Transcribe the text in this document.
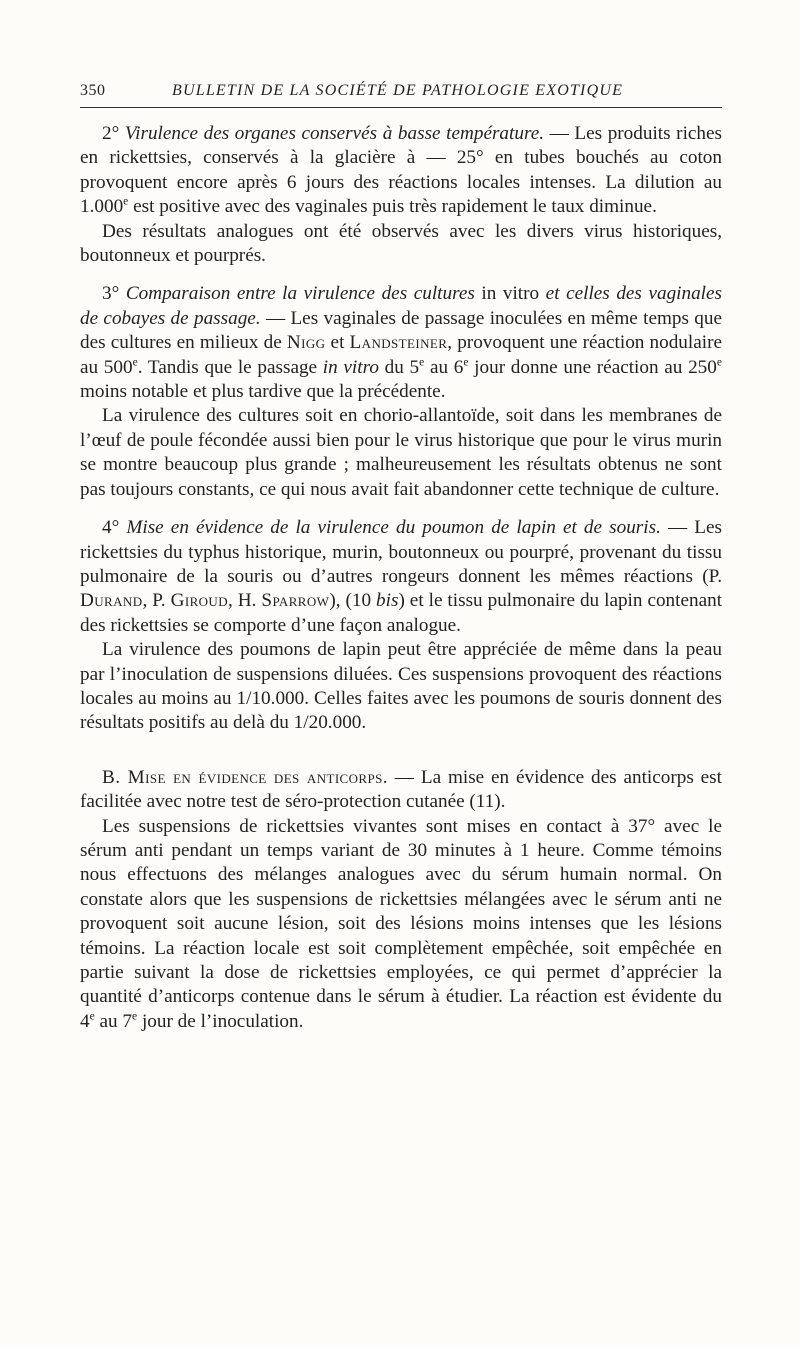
350	BULLETIN DE LA SOCIÉTÉ DE PATHOLOGIE EXOTIQUE

2° Virulence des organes conservés à basse température. — Les produits riches en rickettsies, conservés à la glacière à — 25° en tubes bouchés au coton provoquent encore après 6 jours des réactions locales intenses. La dilution au 1.000e est positive avec des vaginales puis très rapidement le taux diminue.

Des résultats analogues ont été observés avec les divers virus historiques, boutonneux et pourprés.

3° Comparaison entre la virulence des cultures in vitro et celles des vaginales de cobayes de passage. — Les vaginales de passage inoculées en même temps que des cultures en milieux de Nigg et Landsteiner, provoquent une réaction nodulaire au 500e. Tandis que le passage in vitro du 5e au 6e jour donne une réaction au 250e moins notable et plus tardive que la précédente.

La virulence des cultures soit en chorio-allantoïde, soit dans les membranes de l’œuf de poule fécondée aussi bien pour le virus historique que pour le virus murin se montre beaucoup plus grande ; malheureusement les résultats obtenus ne sont pas toujours constants, ce qui nous avait fait abandonner cette technique de culture.

4° Mise en évidence de la virulence du poumon de lapin et de souris. — Les rickettsies du typhus historique, murin, boutonneux ou pourpré, provenant du tissu pulmonaire de la souris ou d’autres rongeurs donnent les mêmes réactions (P. Durand, P. Giroud, H. Sparrow), (10 bis) et le tissu pulmonaire du lapin contenant des rickettsies se comporte d’une façon analogue.

La virulence des poumons de lapin peut être appréciée de même dans la peau par l’inoculation de suspensions diluées. Ces suspensions provoquent des réactions locales au moins au 1/10.000. Celles faites avec les poumons de souris donnent des résultats positifs au delà du 1/20.000.

B. Mise en évidence des anticorps. — La mise en évidence des anticorps est facilitée avec notre test de séro-protection cutanée (11).

Les suspensions de rickettsies vivantes sont mises en contact à 37° avec le sérum anti pendant un temps variant de 30 minutes à 1 heure. Comme témoins nous effectuons des mélanges analogues avec du sérum humain normal. On constate alors que les suspensions de rickettsies mélangées avec le sérum anti ne provoquent soit aucune lésion, soit des lésions moins intenses que les lésions témoins. La réaction locale est soit complètement empêchée, soit empêchée en partie suivant la dose de rickettsies employées, ce qui permet d’apprécier la quantité d’anticorps contenue dans le sérum à étudier. La réaction est évidente du 4e au 7e jour de l’inoculation.
